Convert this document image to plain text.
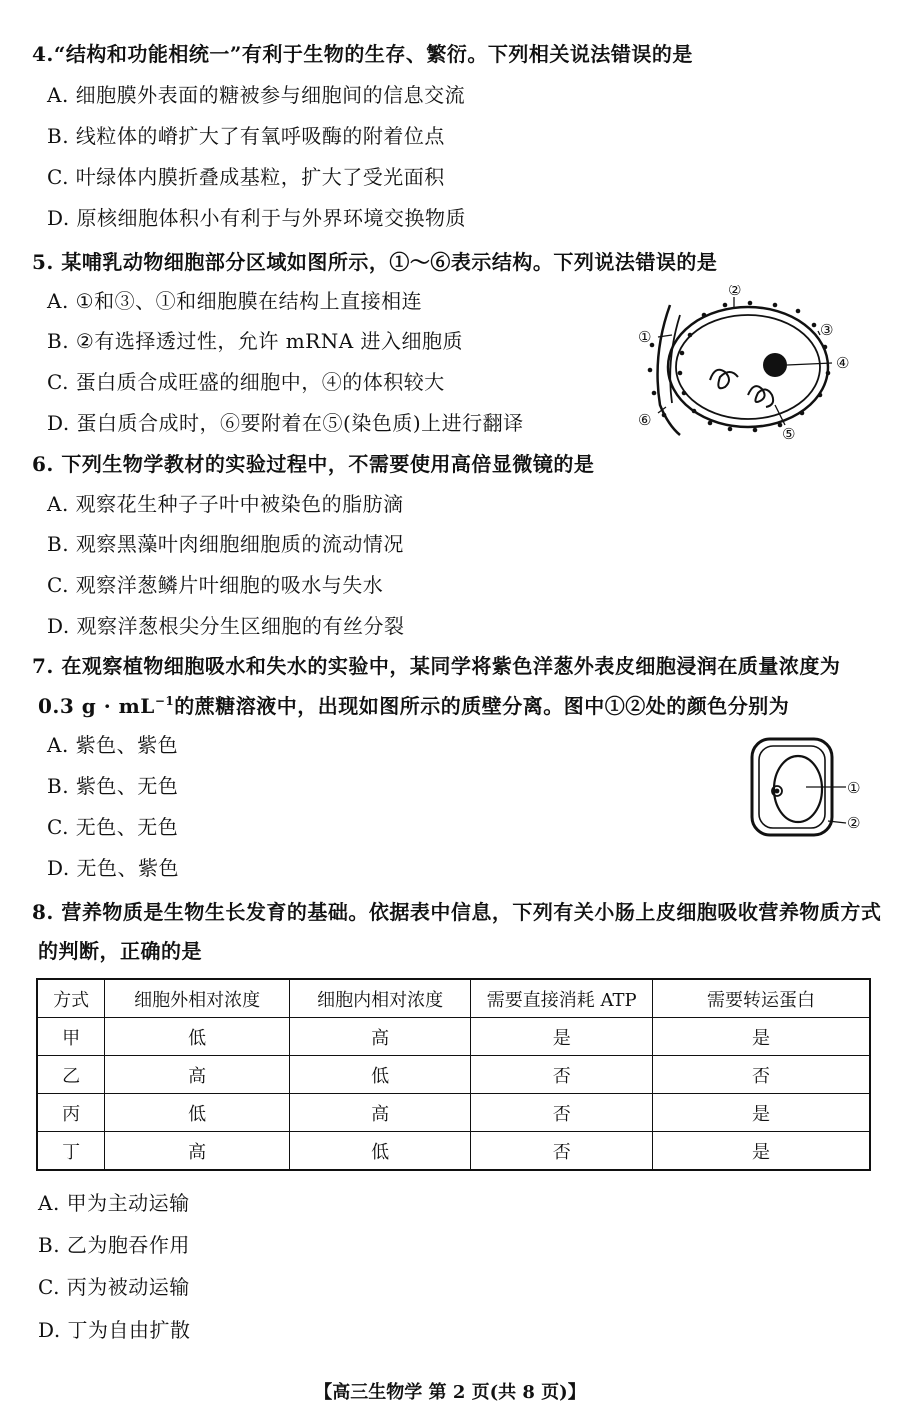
4.“结构和功能相统一”有利于生物的生存、繁衍。下列相关说法错误的是
A. 细胞膜外表面的糖被参与细胞间的信息交流
B. 线粒体的嵴扩大了有氧呼吸酶的附着位点
C. 叶绿体内膜折叠成基粒，扩大了受光面积
D. 原核细胞体积小有利于与外界环境交换物质
5. 某哺乳动物细胞部分区域如图所示，①～⑥表示结构。下列说法错误的是
A. ①和③、①和细胞膜在结构上直接相连
B. ②有选择透过性，允许 mRNA 进入细胞质
C. 蛋白质合成旺盛的细胞中，④的体积较大
D. 蛋白质合成时，⑥要附着在⑤(染色质)上进行翻译
①
②
③
④
⑤
⑥
6. 下列生物学教材的实验过程中，不需要使用高倍显微镜的是
A. 观察花生种子子叶中被染色的脂肪滴
B. 观察黑藻叶肉细胞细胞质的流动情况
C. 观察洋葱鳞片叶细胞的吸水与失水
D. 观察洋葱根尖分生区细胞的有丝分裂
7. 在观察植物细胞吸水和失水的实验中，某同学将紫色洋葱外表皮细胞浸润在质量浓度为
0.3 $g \cdot mL^{-1}$的蔗糖溶液中，出现如图所示的质壁分离。图中①②处的颜色分别为
A. 紫色、紫色
B. 紫色、无色
C. 无色、无色
D. 无色、紫色
①
②
8. 营养物质是生物生长发育的基础。依据表中信息，下列有关小肠上皮细胞吸收营养物质方式
的判断，正确的是
方式	细胞外相对浓度	细胞内相对浓度	需要直接消耗 ATP	需要转运蛋白
甲	低	高	是	是
乙	高	低	否	否
丙	低	高	否	是
丁	高	低	否	是
A. 甲为主动运输
B. 乙为胞吞作用
C. 丙为被动运输
D. 丁为自由扩散
【高三生物学 第 2 页(共 8 页)】
